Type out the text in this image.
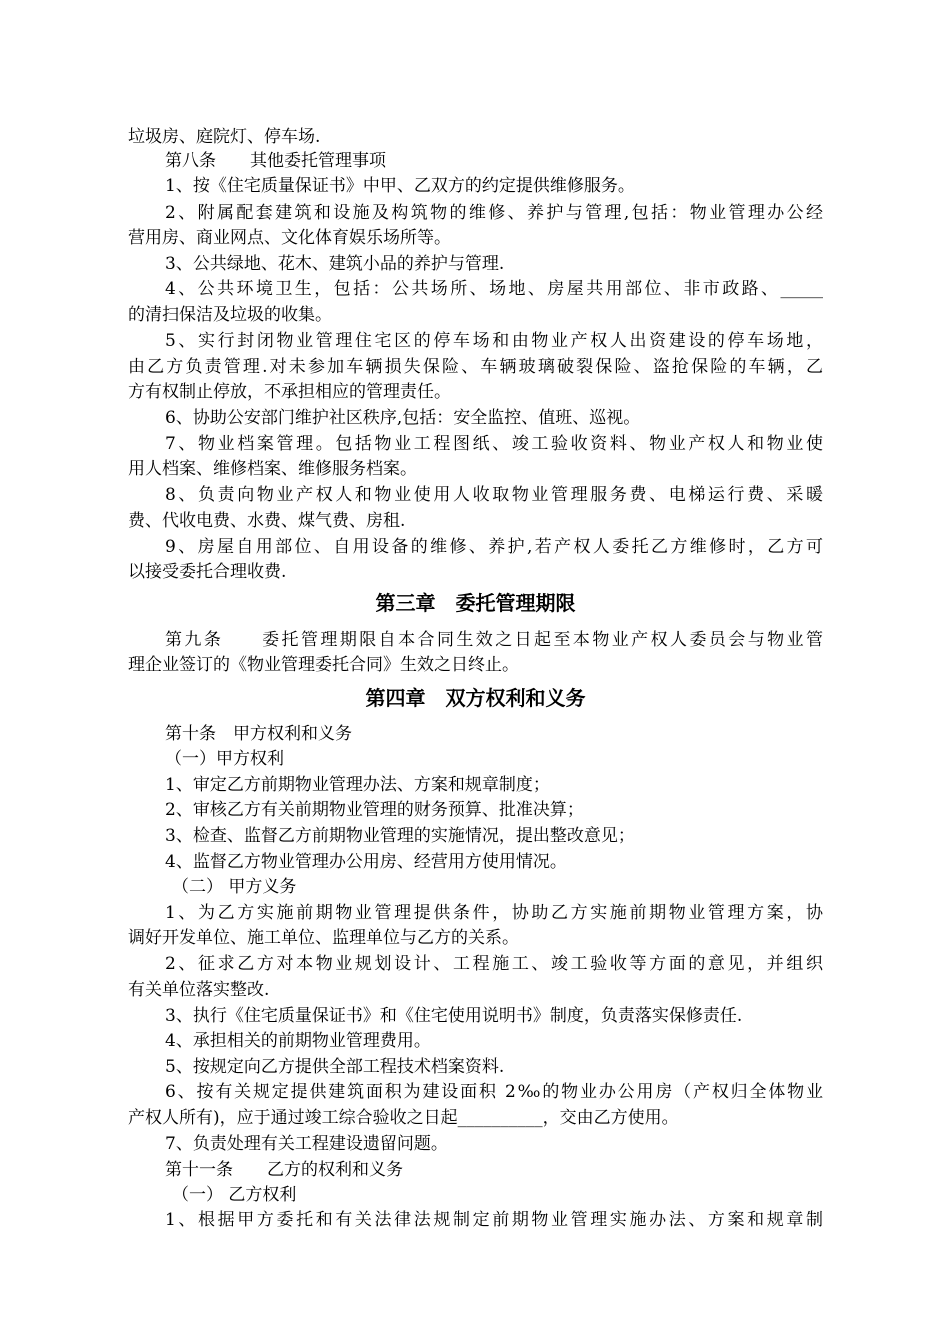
垃圾房、庭院灯、停车场.
第八条　　其他委托管理事项
1、按《住宅质量保证书》中甲、乙双方的约定提供维修服务。
2、附属配套建筑和设施及构筑物的维修、养护与管理,包括：物业管理办公经
营用房、商业网点、文化体育娱乐场所等。
3、公共绿地、花木、建筑小品的养护与管理.
4、公共环境卫生，包括：公共场所、场地、房屋共用部位、非市政路、_____
的清扫保洁及垃圾的收集。
5、实行封闭物业管理住宅区的停车场和由物业产权人出资建设的停车场地，
由乙方负责管理.对未参加车辆损失保险、车辆玻璃破裂保险、盗抢保险的车辆，乙
方有权制止停放，不承担相应的管理责任。
6、协助公安部门维护社区秩序,包括：安全监控、值班、巡视。
7、物业档案管理。包括物业工程图纸、竣工验收资料、物业产权人和物业使
用人档案、维修档案、维修服务档案。
8、负责向物业产权人和物业使用人收取物业管理服务费、电梯运行费、采暖
费、代收电费、水费、煤气费、房租.
9、房屋自用部位、自用设备的维修、养护,若产权人委托乙方维修时，乙方可
以接受委托合理收费.
第三章　委托管理期限
第九条　　委托管理期限自本合同生效之日起至本物业产权人委员会与物业管
理企业签订的《物业管理委托合同》生效之日终止。
第四章　双方权利和义务
第十条　甲方权利和义务
（一）甲方权利
1、审定乙方前期物业管理办法、方案和规章制度；
2、审核乙方有关前期物业管理的财务预算、批准决算；
3、检查、监督乙方前期物业管理的实施情况，提出整改意见；
4、监督乙方物业管理办公用房、经营用方使用情况。
（二） 甲方义务
1、为乙方实施前期物业管理提供条件，协助乙方实施前期物业管理方案，协
调好开发单位、施工单位、监理单位与乙方的关系。
2、征求乙方对本物业规划设计、工程施工、竣工验收等方面的意见，并组织
有关单位落实整改.
3、执行《住宅质量保证书》和《住宅使用说明书》制度，负责落实保修责任.
4、承担相关的前期物业管理费用。
5、按规定向乙方提供全部工程技术档案资料.
6、按有关规定提供建筑面积为建设面积 2‰的物业办公用房（产权归全体物业
产权人所有)，应于通过竣工综合验收之日起__________，交由乙方使用。
7、负责处理有关工程建设遗留问题。
第十一条　　乙方的权利和义务
（一） 乙方权利
1、根据甲方委托和有关法律法规制定前期物业管理实施办法、方案和规章制
